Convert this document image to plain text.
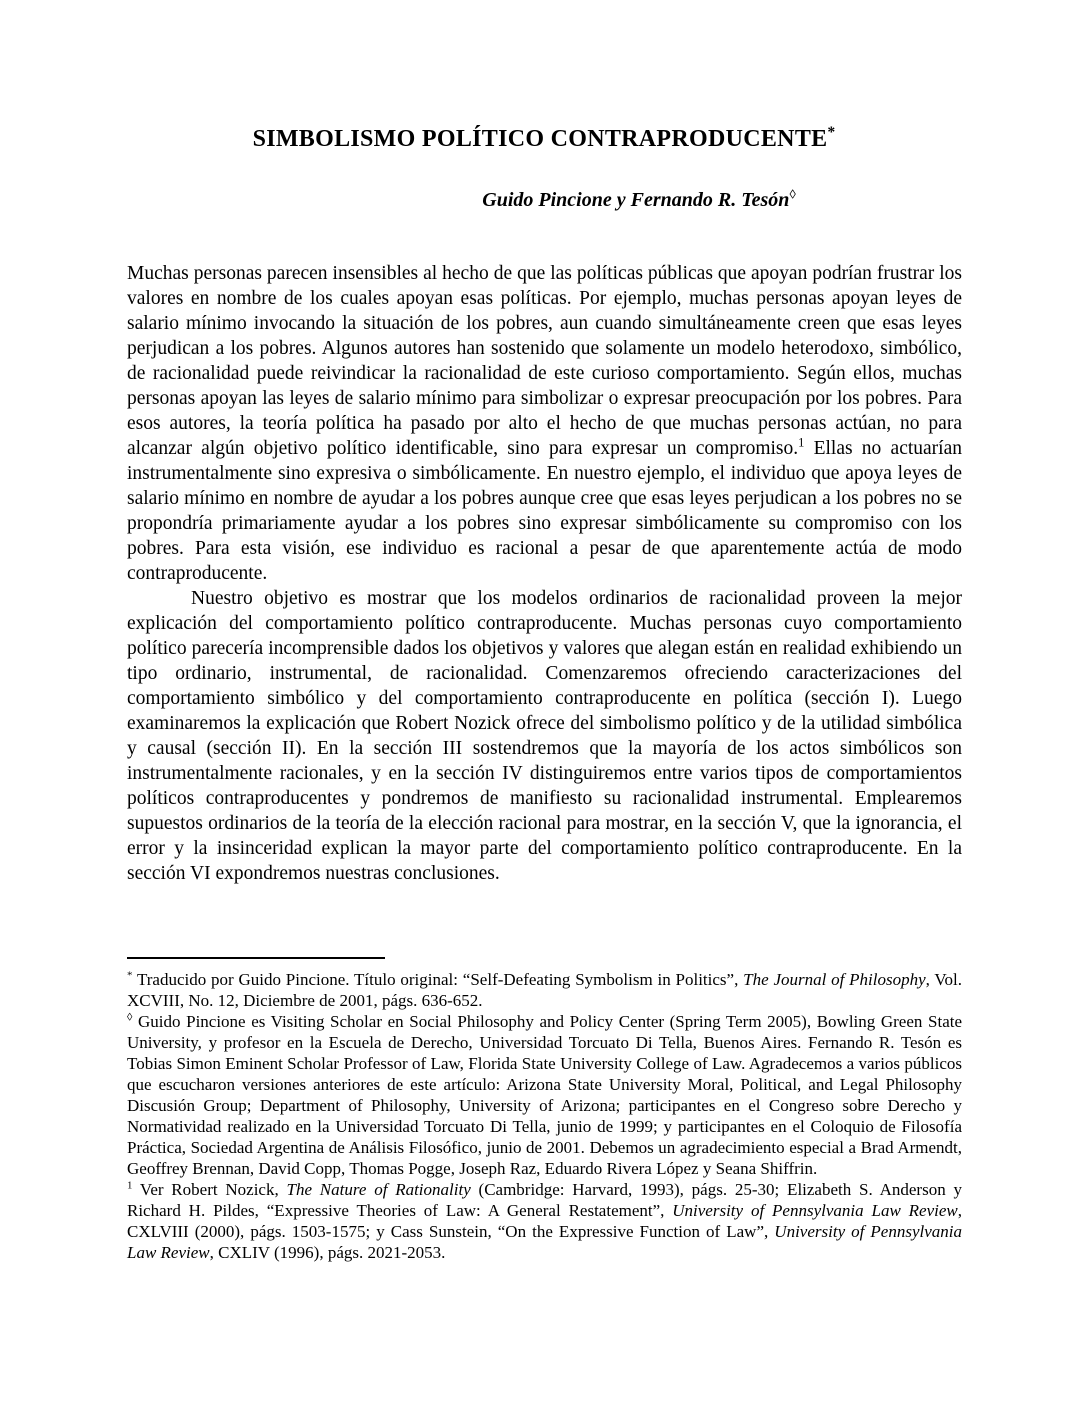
SIMBOLISMO POLÍTICO CONTRAPRODUCENTE*
Guido Pincione y Fernando R. Tesón◊

Muchas personas parecen insensibles al hecho de que las políticas públicas que apoyan podrían frustrar los valores en nombre de los cuales apoyan esas políticas. Por ejemplo, muchas personas apoyan leyes de salario mínimo invocando la situación de los pobres, aun cuando simultáneamente creen que esas leyes perjudican a los pobres. Algunos autores han sostenido que solamente un modelo heterodoxo, simbólico, de racionalidad puede reivindicar la racionalidad de este curioso comportamiento. Según ellos, muchas personas apoyan las leyes de salario mínimo para simbolizar o expresar preocupación por los pobres. Para esos autores, la teoría política ha pasado por alto el hecho de que muchas personas actúan, no para alcanzar algún objetivo político identificable, sino para expresar un compromiso.$^1$ Ellas no actuarían instrumentalmente sino expresiva o simbólicamente. En nuestro ejemplo, el individuo que apoya leyes de salario mínimo en nombre de ayudar a los pobres aunque cree que esas leyes perjudican a los pobres no se propondría primariamente ayudar a los pobres sino expresar simbólicamente su compromiso con los pobres. Para esta visión, ese individuo es racional a pesar de que aparentemente actúa de modo contraproducente.

Nuestro objetivo es mostrar que los modelos ordinarios de racionalidad proveen la mejor explicación del comportamiento político contraproducente. Muchas personas cuyo comportamiento político parecería incomprensible dados los objetivos y valores que alegan están en realidad exhibiendo un tipo ordinario, instrumental, de racionalidad. Comenzaremos ofreciendo caracterizaciones del comportamiento simbólico y del comportamiento contraproducente en política (sección I). Luego examinaremos la explicación que Robert Nozick ofrece del simbolismo político y de la utilidad simbólica y causal (sección II). En la sección III sostendremos que la mayoría de los actos simbólicos son instrumentalmente racionales, y en la sección IV distinguiremos entre varios tipos de comportamientos políticos contraproducentes y pondremos de manifiesto su racionalidad instrumental. Emplearemos supuestos ordinarios de la teoría de la elección racional para mostrar, en la sección V, que la ignorancia, el error y la insinceridad explican la mayor parte del comportamiento político contraproducente. En la sección VI expondremos nuestras conclusiones.

* Traducido por Guido Pincione. Título original: “Self-Defeating Symbolism in Politics”, The Journal of Philosophy, Vol. XCVIII, No. 12, Diciembre de 2001, págs. 636-652.

◊ Guido Pincione es Visiting Scholar en Social Philosophy and Policy Center (Spring Term 2005), Bowling Green State University, y profesor en la Escuela de Derecho, Universidad Torcuato Di Tella, Buenos Aires. Fernando R. Tesón es Tobias Simon Eminent Scholar Professor of Law, Florida State University College of Law. Agradecemos a varios públicos que escucharon versiones anteriores de este artículo: Arizona State University Moral, Political, and Legal Philosophy Discusión Group; Department of Philosophy, University of Arizona; participantes en el Congreso sobre Derecho y Normatividad realizado en la Universidad Torcuato Di Tella, junio de 1999; y participantes en el Coloquio de Filosofía Práctica, Sociedad Argentina de Análisis Filosófico, junio de 2001. Debemos un agradecimiento especial a Brad Armendt, Geoffrey Brennan, David Copp, Thomas Pogge, Joseph Raz, Eduardo Rivera López y Seana Shiffrin.

$^1$ Ver Robert Nozick, The Nature of Rationality (Cambridge: Harvard, 1993), págs. 25-30; Elizabeth S. Anderson y Richard H. Pildes, “Expressive Theories of Law: A General Restatement”, University of Pennsylvania Law Review, CXLVIII (2000), págs. 1503-1575; y Cass Sunstein, “On the Expressive Function of Law”, University of Pennsylvania Law Review, CXLIV (1996), págs. 2021-2053.
